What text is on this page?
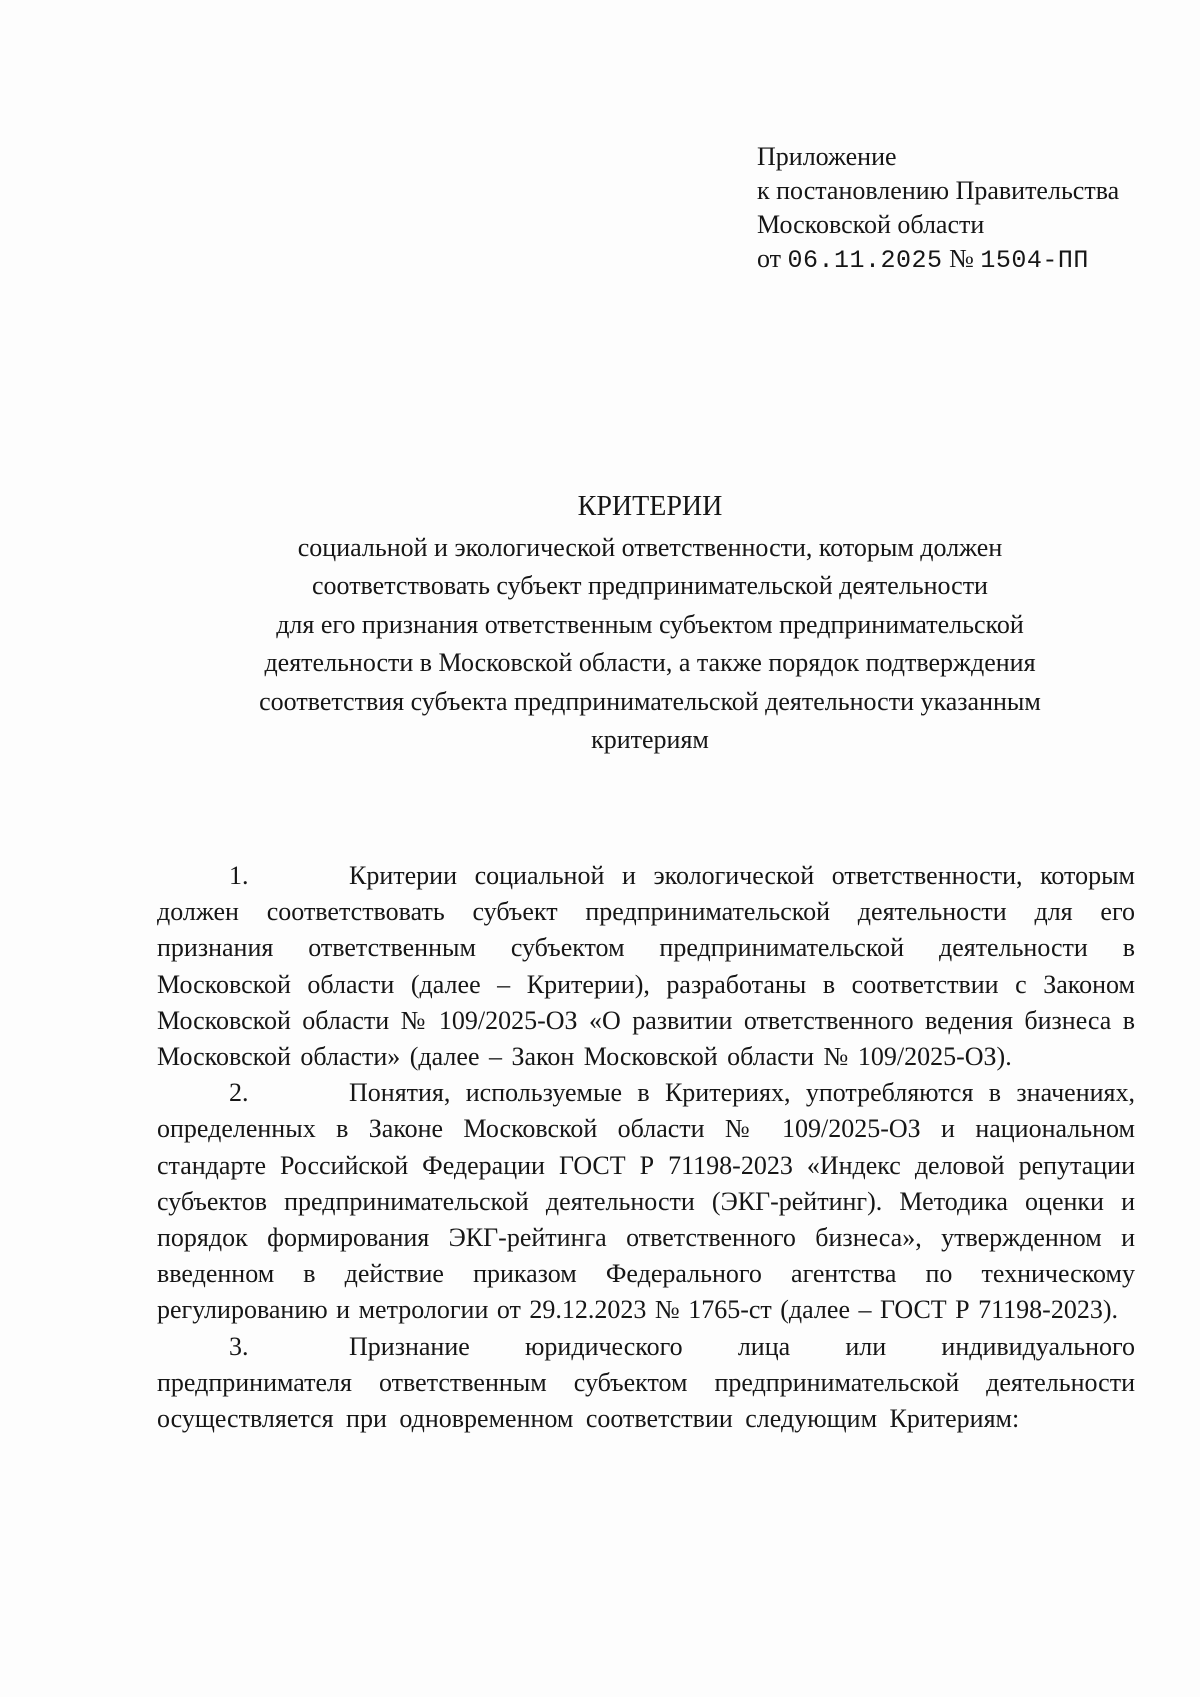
Приложение
к постановлению Правительства
Московской области
от 06.11.2025 № 1504-ПП
КРИТЕРИИ
социальной и экологической ответственности, которым должен
соответствовать субъект предпринимательской деятельности
для его признания ответственным субъектом предпринимательской
деятельности в Московской области, а также порядок подтверждения
соответствия субъекта предпринимательской деятельности указанным
критериям

1.	Критерии социальной и экологической ответственности, которым должен соответствовать субъект предпринимательской деятельности для его признания ответственным субъектом предпринимательской деятельности в Московской области (далее – Критерии), разработаны в соответствии с Законом Московской области № 109/2025-ОЗ «О развитии ответственного ведения бизнеса в Московской области» (далее – Закон Московской области № 109/2025-ОЗ).

2.	Понятия, используемые в Критериях, употребляются в значениях, определенных в Законе Московской области № 109/2025-ОЗ и национальном стандарте Российской Федерации ГОСТ Р 71198-2023 «Индекс деловой репутации субъектов предпринимательской деятельности (ЭКГ-рейтинг). Методика оценки и порядок формирования ЭКГ-рейтинга ответственного бизнеса», утвержденном и введенном в действие приказом Федерального агентства по техническому регулированию и метрологии от 29.12.2023 № 1765-ст (далее – ГОСТ Р 71198-2023).

3.	Признание юридического лица или индивидуального предпринимателя ответственным субъектом предпринимательской деятельности осуществляется при одновременном соответствии следующим Критериям:
